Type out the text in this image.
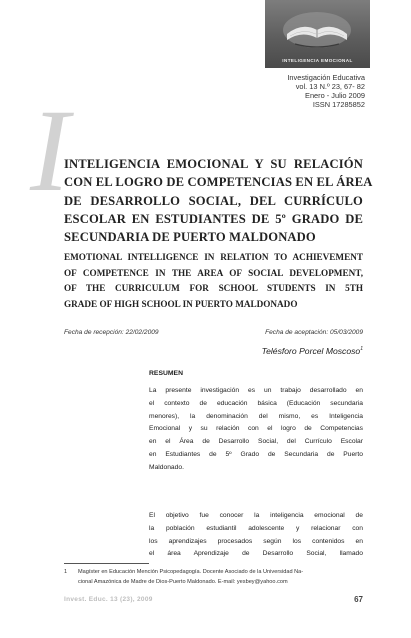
INTELIGENCIA EMOCIONAL
Investigación Educativa
vol. 13 N.º 23, 67- 82
Enero - Julio 2009
ISSN 17285852
I
INTELIGENCIA EMOCIONAL Y SU RELACIÓN
CON EL LOGRO DE COMPETENCIAS EN EL ÁREA
DE DESARROLLO SOCIAL, DEL CURRÍCULO
ESCOLAR EN ESTUDIANTES DE 5º GRADO DE
SECUNDARIA DE PUERTO MALDONADO
EMOTIONAL INTELLIGENCE IN RELATION TO ACHIEVEMENT
OF COMPETENCE IN THE AREA OF SOCIAL DEVELOPMENT,
OF THE CURRICULUM FOR SCHOOL STUDENTS IN 5TH
GRADE OF HIGH SCHOOL IN PUERTO MALDONADO
Fecha de recepción: 22/02/2009	Fecha de aceptación: 05/03/2009
Telésforo Porcel Moscoso$^1$
RESUMEN
La presente investigación es un trabajo desarrollado en
el contexto de educación básica (Educación secundaria
menores), la denominación del mismo, es Inteligencia
Emocional y su relación con el logro de Competencias
en el Área de Desarrollo Social, del Currículo Escolar
en Estudiantes de 5º Grado de Secundaria de Puerto
Maldonado.
El objetivo fue conocer la inteligencia emocional de
la población estudiantil adolescente y relacionar con
los aprendizajes procesados según los contenidos en
el área Aprendizaje de Desarrollo Social, llamado
1 Magíster en Educación Mención Psicopedagogía. Docente Asociado de la Universidad Na-
cional Amazónica de Madre de Dios-Puerto Maldonado. E-mail: yesbey@yahoo.com
Invest. Educ. 13 (23), 2009	67
